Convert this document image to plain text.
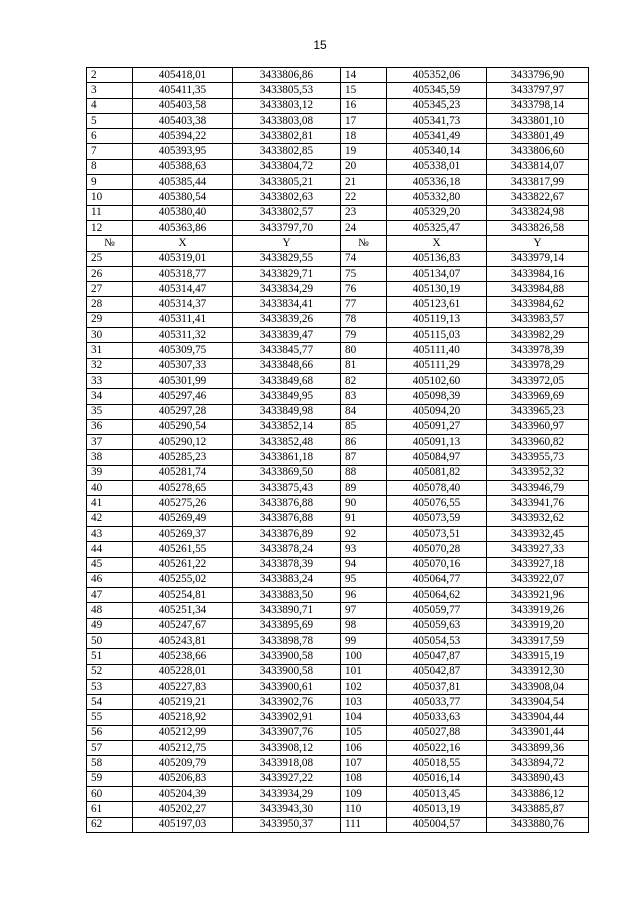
15
2	405418,01	3433806,86	14	405352,06	3433796,90
3	405411,35	3433805,53	15	405345,59	3433797,97
4	405403,58	3433803,12	16	405345,23	3433798,14
5	405403,38	3433803,08	17	405341,73	3433801,10
6	405394,22	3433802,81	18	405341,49	3433801,49
7	405393,95	3433802,85	19	405340,14	3433806,60
8	405388,63	3433804,72	20	405338,01	3433814,07
9	405385,44	3433805,21	21	405336,18	3433817,99
10	405380,54	3433802,63	22	405332,80	3433822,67
11	405380,40	3433802,57	23	405329,20	3433824,98
12	405363,86	3433797,70	24	405325,47	3433826,58
№	X	Y	№	X	Y
25	405319,01	3433829,55	74	405136,83	3433979,14
26	405318,77	3433829,71	75	405134,07	3433984,16
27	405314,47	3433834,29	76	405130,19	3433984,88
28	405314,37	3433834,41	77	405123,61	3433984,62
29	405311,41	3433839,26	78	405119,13	3433983,57
30	405311,32	3433839,47	79	405115,03	3433982,29
31	405309,75	3433845,77	80	405111,40	3433978,39
32	405307,33	3433848,66	81	405111,29	3433978,29
33	405301,99	3433849,68	82	405102,60	3433972,05
34	405297,46	3433849,95	83	405098,39	3433969,69
35	405297,28	3433849,98	84	405094,20	3433965,23
36	405290,54	3433852,14	85	405091,27	3433960,97
37	405290,12	3433852,48	86	405091,13	3433960,82
38	405285,23	3433861,18	87	405084,97	3433955,73
39	405281,74	3433869,50	88	405081,82	3433952,32
40	405278,65	3433875,43	89	405078,40	3433946,79
41	405275,26	3433876,88	90	405076,55	3433941,76
42	405269,49	3433876,88	91	405073,59	3433932,62
43	405269,37	3433876,89	92	405073,51	3433932,45
44	405261,55	3433878,24	93	405070,28	3433927,33
45	405261,22	3433878,39	94	405070,16	3433927,18
46	405255,02	3433883,24	95	405064,77	3433922,07
47	405254,81	3433883,50	96	405064,62	3433921,96
48	405251,34	3433890,71	97	405059,77	3433919,26
49	405247,67	3433895,69	98	405059,63	3433919,20
50	405243,81	3433898,78	99	405054,53	3433917,59
51	405238,66	3433900,58	100	405047,87	3433915,19
52	405228,01	3433900,58	101	405042,87	3433912,30
53	405227,83	3433900,61	102	405037,81	3433908,04
54	405219,21	3433902,76	103	405033,77	3433904,54
55	405218,92	3433902,91	104	405033,63	3433904,44
56	405212,99	3433907,76	105	405027,88	3433901,44
57	405212,75	3433908,12	106	405022,16	3433899,36
58	405209,79	3433918,08	107	405018,55	3433894,72
59	405206,83	3433927,22	108	405016,14	3433890,43
60	405204,39	3433934,29	109	405013,45	3433886,12
61	405202,27	3433943,30	110	405013,19	3433885,87
62	405197,03	3433950,37	111	405004,57	3433880,76
